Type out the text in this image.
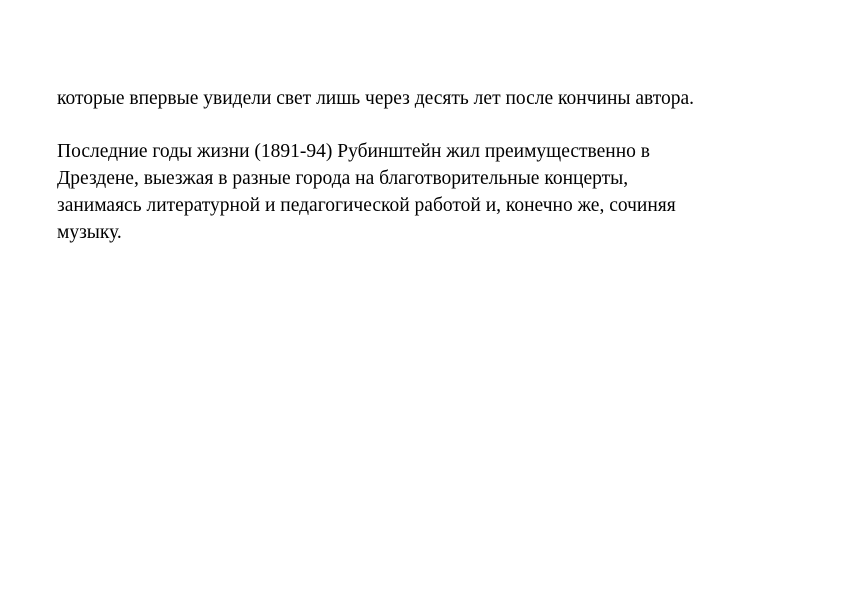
которые впервые увидели свет лишь через десять лет после кончины автора.

Последние годы жизни (1891-94) Рубинштейн жил преимущественно в
Дрездене, выезжая в разные города на благотворительные концерты,
занимаясь литературной и педагогической работой и, конечно же, сочиняя
музыку.
